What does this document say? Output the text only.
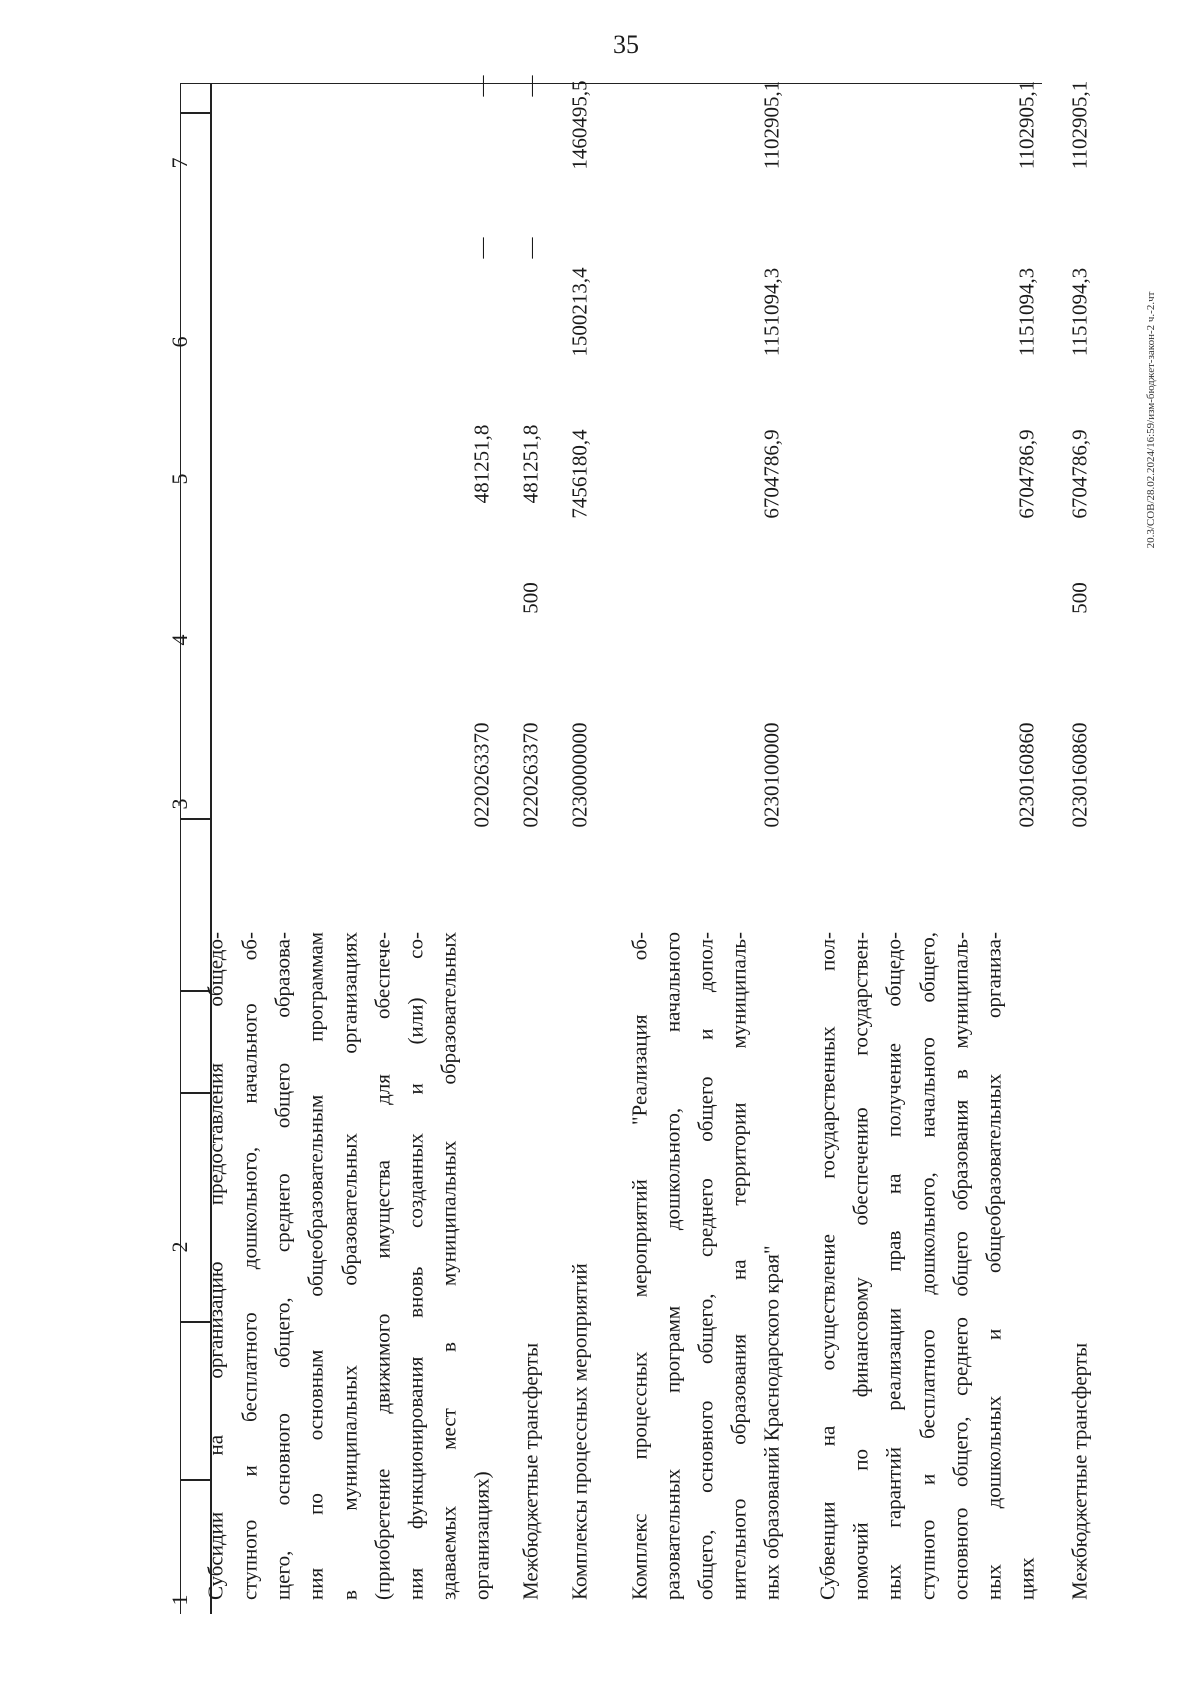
35
20.3/СОВ/28.02.2024/16:59/изм-бюджет-закон-2 ч.-2.чт
1
2
3
4
5
6
7
Субсидии на организацию предоставления общедо- ступного и бесплатного дошкольного, начального об- щего, основного общего, среднего общего образова- ния по основным общеобразовательным программам в муниципальных образовательных организациях (приобретение движимого имущества для обеспече- ния функционирования вновь созданных и (или) со- здаваемых мест в муниципальных образовательных организациях)
0220263370
481251,8
—
—
Межбюджетные трансферты
0220263370
500
481251,8
—
—
Комплексы процессных мероприятий
0230000000
7456180,4
1500213,4
1460495,5
Комплекс процессных мероприятий "Реализация об- разовательных программ дошкольного, начального общего, основного общего, среднего общего и допол- нительного образования на территории муниципаль- ных образований Краснодарского края"
0230100000
6704786,9
1151094,3
1102905,1
Субвенции на осуществление государственных пол- номочий по финансовому обеспечению государствен- ных гарантий реализации прав на получение общедо- ступного и бесплатного дошкольного, начального общего, основного общего, среднего общего образования в муниципаль- ных дошкольных и общеобразовательных организа- циях
0230160860
6704786,9
1151094,3
1102905,1
Межбюджетные трансферты
0230160860
500
6704786,9
1151094,3
1102905,1
